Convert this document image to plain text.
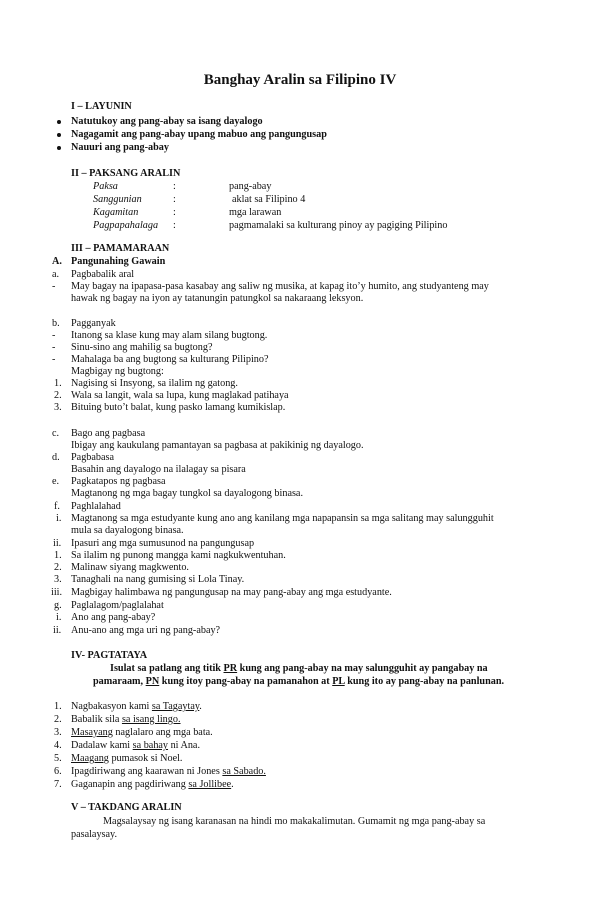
Banghay Aralin sa Filipino IV
I – LAYUNIN
Natutukoy ang pang-abay sa isang dayalogo
Nagagamit ang pang-abay upang mabuo ang pangungusap
Nauuri ang pang-abay
II – PAKSANG ARALIN
Paksa	:	pang-abay
Sanggunian	:	aklat sa Filipino 4
Kagamitan	:	mga larawan
Pagpapahalaga :	pagmamalaki sa kulturang pinoy ay pagiging Pilipino
III – PAMAMARAAN
A. Pangunahing Gawain
a. Pagbabalik aral
- May bagay na ipapasa-pasa kasabay ang saliw ng musika, at kapag ito’y humito, ang studyanteng may
hawak ng bagay na iyon ay tatanungin patungkol sa nakaraang leksyon.
b. Pagganyak
- Itanong sa klase kung may alam silang bugtong.
- Sinu-sino ang mahilig sa bugtong?
- Mahalaga ba ang bugtong sa kulturang Pilipino?
Magbigay ng bugtong:
1. Nagising si Insyong, sa ilalim ng gatong.
2. Wala sa langit, wala sa lupa, kung maglakad patihaya
3. Bituing buto’t balat, kung pasko lamang kumikislap.
c. Bago ang pagbasa
Ibigay ang kaukulang pamantayan sa pagbasa at pakikinig ng dayalogo.
d. Pagbabasa
Basahin ang dayalogo na ilalagay sa pisara
e. Pagkatapos ng pagbasa
Magtanong ng mga bagay tungkol sa dayalogong binasa.
f. Paghlalahad
i. Magtanong sa mga estudyante kung ano ang kanilang mga napapansin sa mga salitang may salungguhit
mula sa dayalogong binasa.
ii. Ipasuri ang mga sumusunod na pangungusap
1. Sa ilalim ng punong mangga kami nagkukwentuhan.
2. Malinaw siyang magkwento.
3. Tanaghali na nang gumising si Lola Tinay.
iii. Magbigay halimbawa ng pangungusap na may pang-abay ang mga estudyante.
g. Paglalagom/paglalahat
i. Ano ang pang-abay?
ii. Anu-ano ang mga uri ng pang-abay?
IV- PAGTATAYA
Isulat sa patlang ang titik PR kung ang pang-abay na may salungguhit ay pangabay na
pamaraam, PN kung itoy pang-abay na pamanahon at PL kung ito ay pang-abay na panlunan.
1. Nagbakasyon kami sa Tagaytay.
2. Babalik sila sa isang lingo.
3. Masayang naglalaro ang mga bata.
4. Dadalaw kami sa bahay ni Ana.
5. Maagang pumasok si Noel.
6. Ipagdiriwang ang kaarawan ni Jones sa Sabado.
7. Gaganapin ang pagdiriwang sa Jollibee.
V – TAKDANG ARALIN
Magsalaysay ng isang karanasan na hindi mo makakalimutan. Gumamit ng mga pang-abay sa
pasalaysay.
